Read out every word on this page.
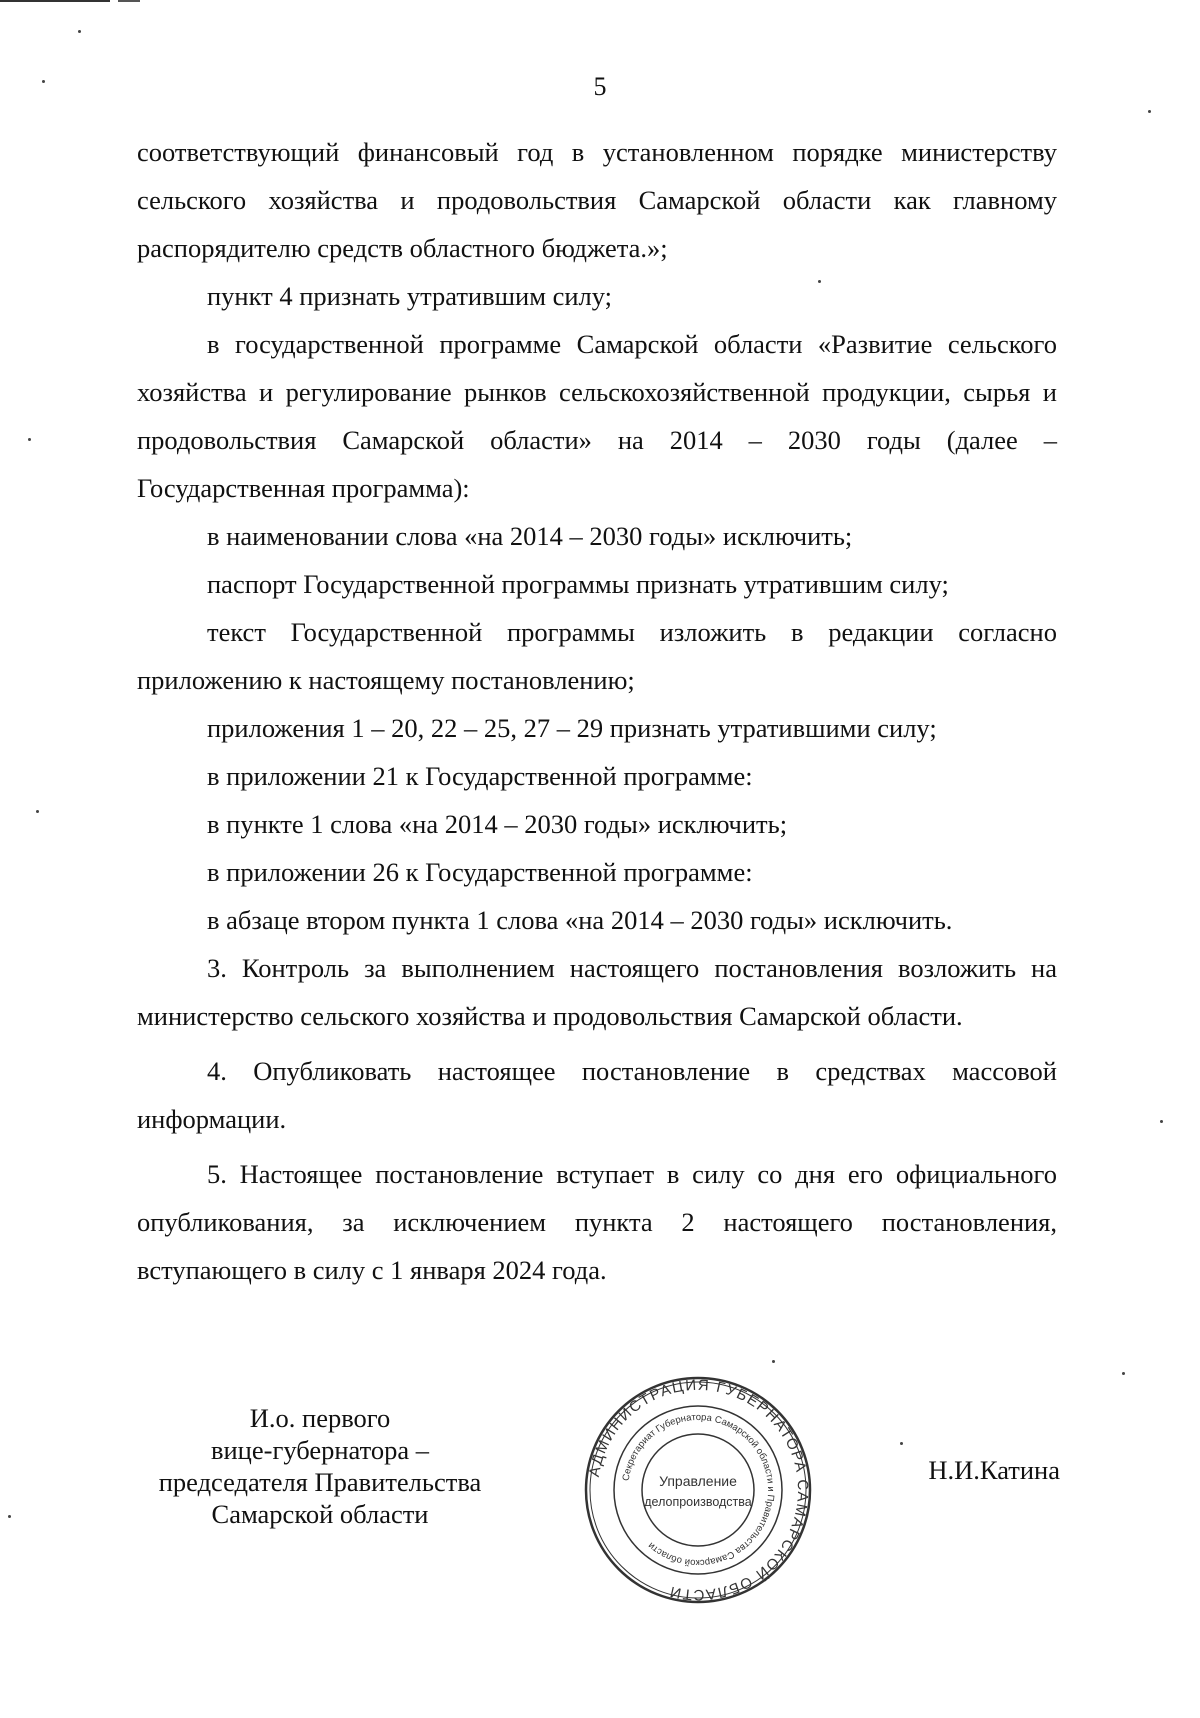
5

соответствующий финансовый год в установленном порядке министерству сельского хозяйства и продовольствия Самарской области как главному распорядителю средств областного бюджета.»;

пункт 4 признать утратившим силу;

в государственной программе Самарской области «Развитие сельского хозяйства и регулирование рынков сельскохозяйственной продукции, сырья и продовольствия Самарской области» на 2014 – 2030 годы (далее – Государственная программа):

в наименовании слова «на 2014 – 2030 годы» исключить;

паспорт Государственной программы признать утратившим силу;

текст Государственной программы изложить в редакции согласно приложению к настоящему постановлению;

приложения 1 – 20, 22 – 25, 27 – 29 признать утратившими силу;

в приложении 21 к Государственной программе:

в пункте 1 слова «на 2014 – 2030 годы» исключить;

в приложении 26 к Государственной программе:

в абзаце втором пункта 1 слова «на 2014 – 2030 годы» исключить.

3. Контроль за выполнением настоящего постановления возложить на министерство сельского хозяйства и продовольствия Самарской области.

4. Опубликовать настоящее постановление в средствах массовой информации.

5. Настоящее постановление вступает в силу со дня его официального опубликования, за исключением пункта 2 настоящего постановления, вступающего в силу с 1 января 2024 года.

И.о. первого
вице-губернатора –
председателя Правительства
Самарской области
АДМИНИСТРАЦИЯ ГУБЕРНАТОРА САМАРСКОЙ ОБЛАСТИ
Секретариат Губернатора Самарской области и Правительства Самарской области
Управление
делопроизводства
Н.И.Катина
